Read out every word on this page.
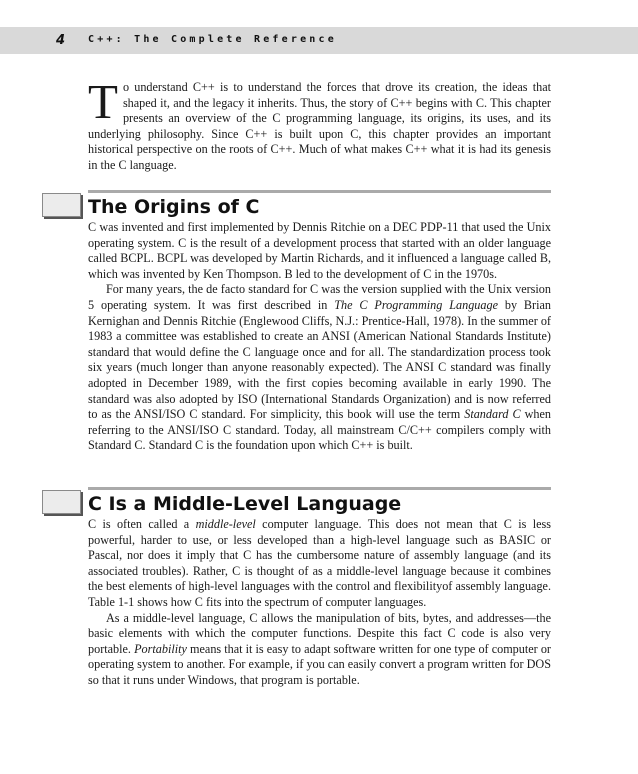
4 C++: The Complete Reference

To understand C++ is to understand the forces that drove its creation, the ideas that shaped it, and the legacy it inherits. Thus, the story of C++ begins with C. This chapter presents an overview of the C programming language, its origins, its uses, and its underlying philosophy. Since C++ is built upon C, this chapter provides an important historical perspective on the roots of C++. Much of what makes C++ what it is had its genesis in the C language.

The Origins of C

C was invented and first implemented by Dennis Ritchie on a DEC PDP-11 that used the Unix operating system. C is the result of a development process that started with an older language called BCPL. BCPL was developed by Martin Richards, and it influenced a language called B, which was invented by Ken Thompson. B led to the development of C in the 1970s.

For many years, the de facto standard for C was the version supplied with the Unix version 5 operating system. It was first described in The C Programming Language by Brian Kernighan and Dennis Ritchie (Englewood Cliffs, N.J.: Prentice-Hall, 1978). In the summer of 1983 a committee was established to create an ANSI (American National Standards Institute) standard that would define the C language once and for all. The standardization process took six years (much longer than anyone reasonably expected). The ANSI C standard was finally adopted in December 1989, with the first copies becoming available in early 1990. The standard was also adopted by ISO (International Standards Organization) and is now referred to as the ANSI/ISO C standard. For simplicity, this book will use the term Standard C when referring to the ANSI/ISO C standard. Today, all mainstream C/C++ compilers comply with Standard C. Standard C is the foundation upon which C++ is built.

C Is a Middle-Level Language

C is often called a middle-level computer language. This does not mean that C is less powerful, harder to use, or less developed than a high-level language such as BASIC or Pascal, nor does it imply that C has the cumbersome nature of assembly language (and its associated troubles). Rather, C is thought of as a middle-level language because it combines the best elements of high-level languages with the control and flexibilityof assembly language. Table 1-1 shows how C fits into the spectrum of computer languages.

As a middle-level language, C allows the manipulation of bits, bytes, and addresses—the basic elements with which the computer functions. Despite this fact C code is also very portable. Portability means that it is easy to adapt software written for one type of computer or operating system to another. For example, if you can easily convert a program written for DOS so that it runs under Windows, that program is portable.
